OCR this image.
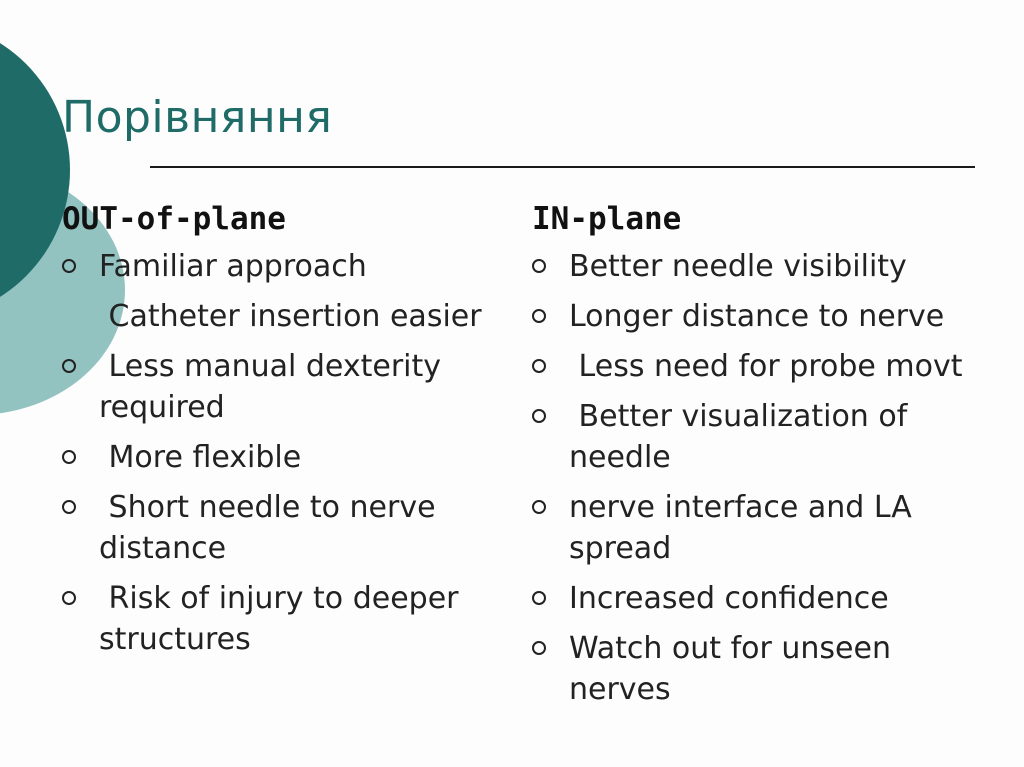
Порівняння
OUT-of-plane
Familiar approach
Catheter insertion easier
Less manual dexterity required
More flexible
Short needle to nerve distance
Risk of injury to deeper structures
IN-plane
Better needle visibility
Longer distance to nerve
Less need for probe movt
Better visualization of needle
nerve interface and LA spread
Increased confidence
Watch out for unseen nerves
